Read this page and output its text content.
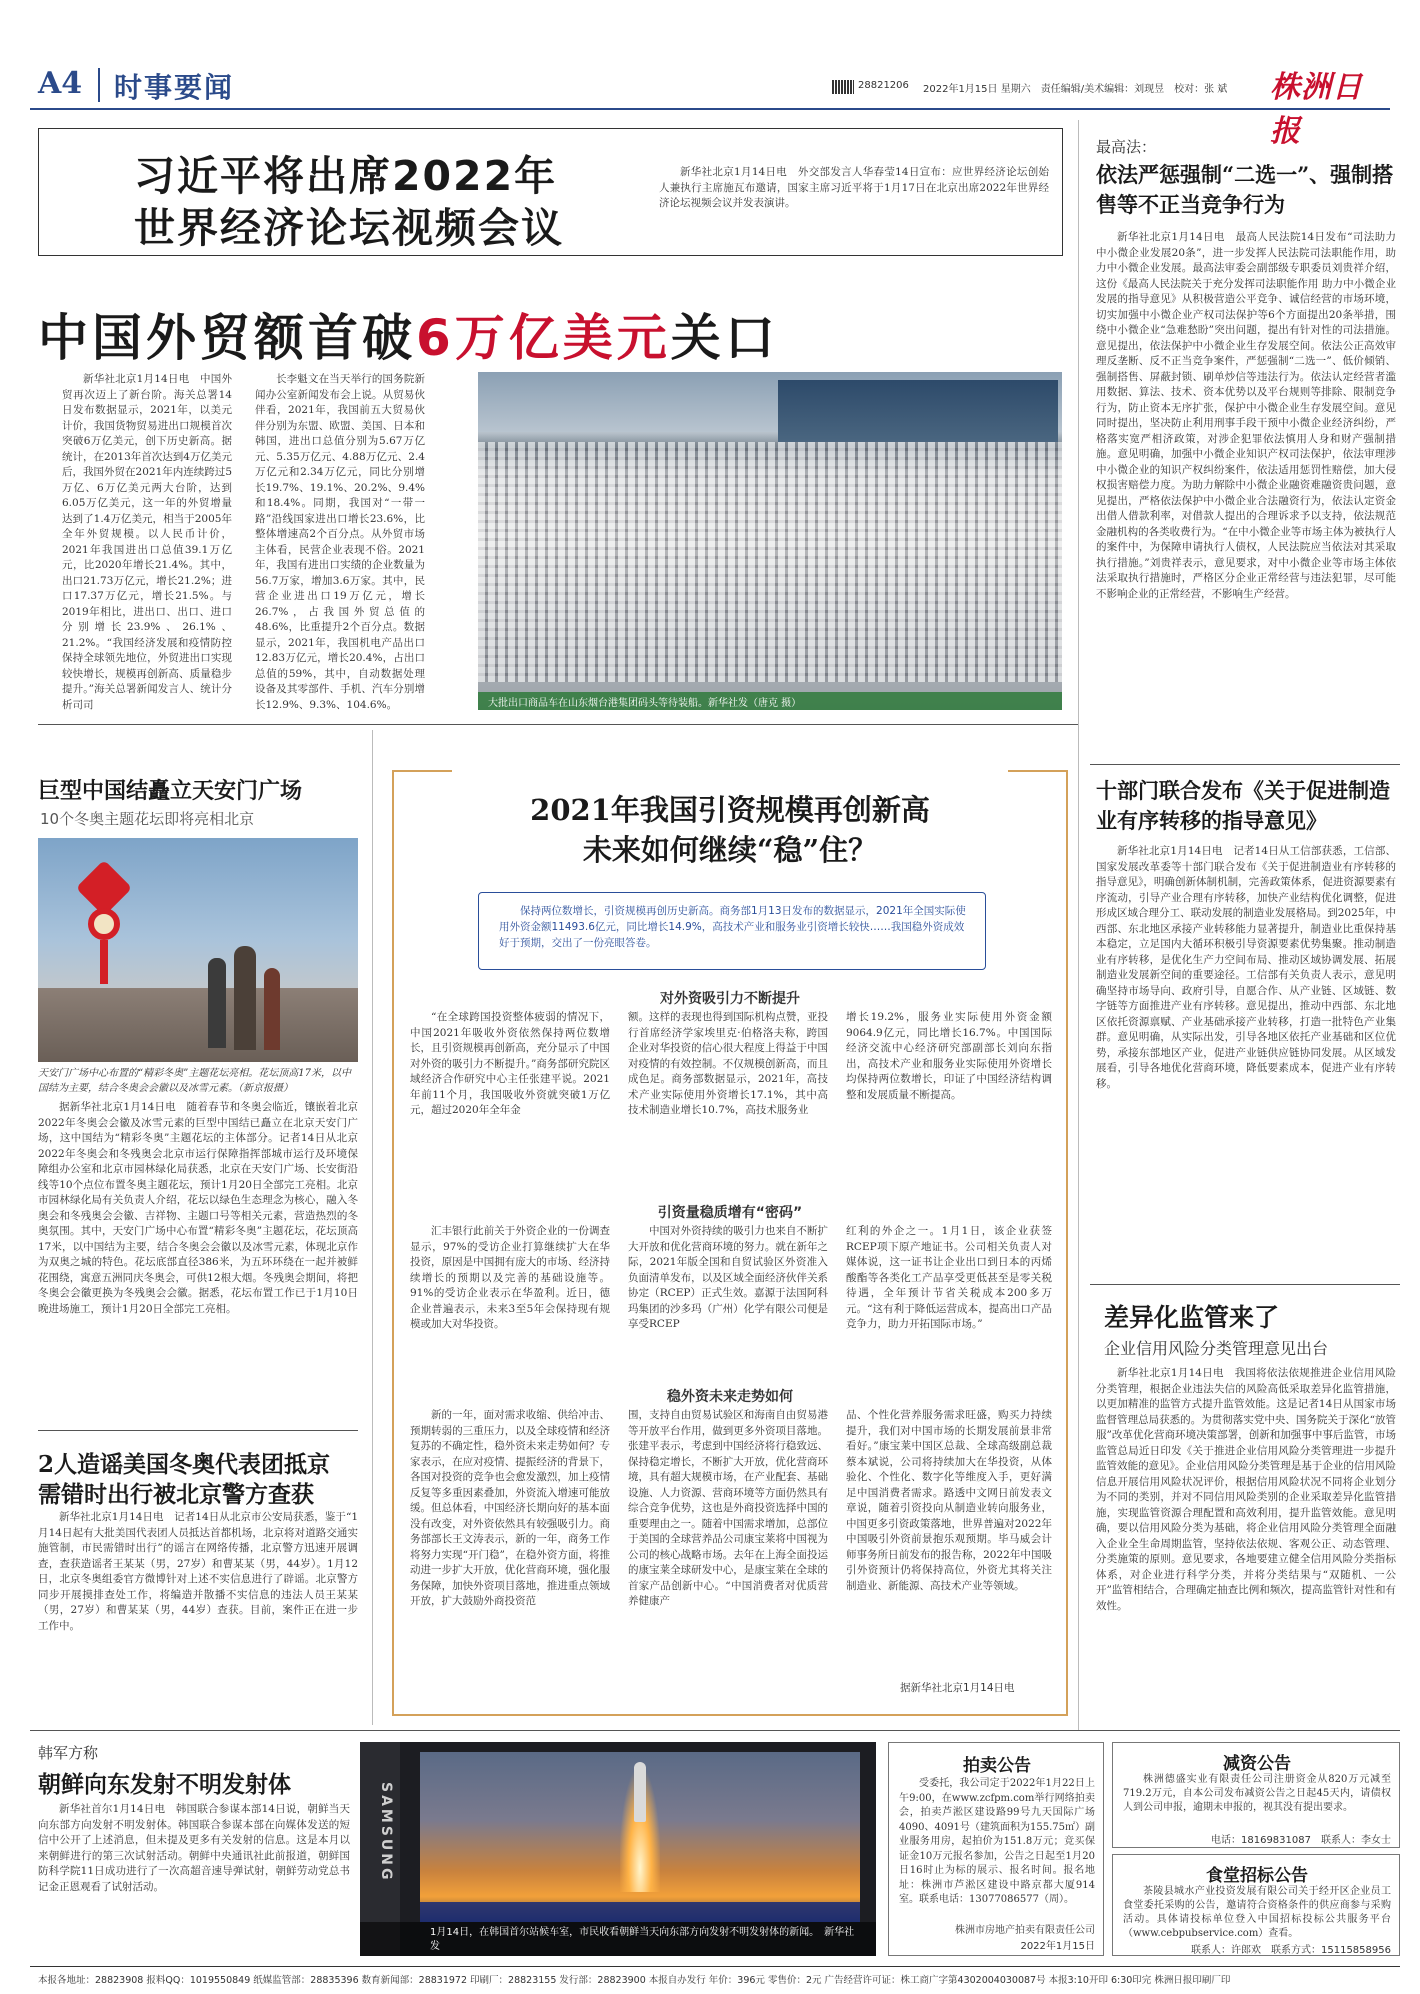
A4 时事要闻	28821206 2022年1月15日 星期六　责任编辑/美术编辑：刘现昱　校对：张 斌 株洲日报
习近平将出席2022年
世界经济论坛视频会议
新华社北京1月14日电　外交部发言人华春莹14日宣布：应世界经济论坛创始人兼执行主席施瓦布邀请，国家主席习近平将于1月17日在北京出席2022年世界经济论坛视频会议并发表演讲。
中国外贸额首破6万亿美元关口
新华社北京1月14日电　中国外贸再次迈上了新台阶。海关总署14日发布数据显示，2021年，以美元计价，我国货物贸易进出口规模首次突破6万亿美元，创下历史新高。据统计，在2013年首次达到4万亿美元后，我国外贸在2021年内连续跨过5万亿、6万亿美元两大台阶，达到6.05万亿美元，这一年的外贸增量达到了1.4万亿美元，相当于2005年全年外贸规模。以人民币计价，2021年我国进出口总值39.1万亿元，比2020年增长21.4%。其中，出口21.73万亿元，增长21.2%；进口17.37万亿元，增长21.5%。与2019年相比，进出口、出口、进口分别增长23.9%、26.1%、21.2%。“我国经济发展和疫情防控保持全球领先地位，外贸进出口实现较快增长，规模再创新高、质量稳步提升。”海关总署新闻发言人、统计分析司司
长李魁文在当天举行的国务院新闻办公室新闻发布会上说。从贸易伙伴看，2021年，我国前五大贸易伙伴分别为东盟、欧盟、美国、日本和韩国，进出口总值分别为5.67万亿元、5.35万亿元、4.88万亿元、2.4万亿元和2.34万亿元，同比分别增长19.7%、19.1%、20.2%、9.4%和18.4%。同期，我国对“一带一路”沿线国家进出口增长23.6%，比整体增速高2个百分点。从外贸市场主体看，民营企业表现不俗。2021年，我国有进出口实绩的企业数量为56.7万家，增加3.6万家。其中，民营企业进出口19万亿元，增长26.7%，占我国外贸总值的48.6%，比重提升2个百分点。数据显示，2021年，我国机电产品出口12.83万亿元，增长20.4%，占出口总值的59%，其中，自动数据处理设备及其零部件、手机、汽车分别增长12.9%、9.3%、104.6%。	大批出口商品车在山东烟台港集团码头等待装船。新华社发（唐克 摄）
最高法：
依法严惩强制“二选一”、强制搭售等不正当竞争行为
新华社北京1月14日电　最高人民法院14日发布“司法助力中小微企业发展20条”，进一步发挥人民法院司法职能作用，助力中小微企业发展。最高法审委会副部级专职委员刘贵祥介绍，这份《最高人民法院关于充分发挥司法职能作用 助力中小微企业发展的指导意见》从积极营造公平竞争、诚信经营的市场环境，切实加强中小微企业产权司法保护等6个方面提出20条举措，围绕中小微企业“急难愁盼”突出问题，提出有针对性的司法措施。意见提出，依法保护中小微企业生存发展空间。依法公正高效审理反垄断、反不正当竞争案件，严惩强制“二选一”、低价倾销、强制搭售、屏蔽封锁、刷单炒信等违法行为。依法认定经营者滥用数据、算法、技术、资本优势以及平台规则等排除、限制竞争行为，防止资本无序扩张，保护中小微企业生存发展空间。意见同时提出，坚决防止利用刑事手段干预中小微企业经济纠纷，严格落实宽严相济政策，对涉企犯罪依法慎用人身和财产强制措施。意见明确，加强中小微企业知识产权司法保护，依法审理涉中小微企业的知识产权纠纷案件，依法适用惩罚性赔偿，加大侵权损害赔偿力度。为助力解除中小微企业融资难融资贵问题，意见提出，严格依法保护中小微企业合法融资行为，依法认定资金出借人借款利率，对借款人提出的合理诉求予以支持，依法规范金融机构的各类收费行为。“在中小微企业等市场主体为被执行人的案件中，为保障申请执行人债权，人民法院应当依法对其采取执行措施。”刘贵祥表示，意见要求，对中小微企业等市场主体依法采取执行措施时，严格区分企业正常经营与违法犯罪，尽可能不影响企业的正常经营，不影响生产经营。
十部门联合发布《关于促进制造业有序转移的指导意见》
新华社北京1月14日电　记者14日从工信部获悉，工信部、国家发展改革委等十部门联合发布《关于促进制造业有序转移的指导意见》，明确创新体制机制，完善政策体系，促进资源要素有序流动，引导产业合理有序转移，加快产业结构优化调整，促进形成区域合理分工、联动发展的制造业发展格局。到2025年，中西部、东北地区承接产业转移能力显著提升，制造业比重保持基本稳定，立足国内大循环积极引导资源要素优势集聚。推动制造业有序转移，是优化生产力空间布局、推动区域协调发展、拓展制造业发展新空间的重要途径。工信部有关负责人表示，意见明确坚持市场导向、政府引导，自愿合作、从产业链、区域链、数字链等方面推进产业有序转移。意见提出，推动中西部、东北地区依托资源禀赋、产业基础承接产业转移，打造一批特色产业集群。意见明确，从实际出发，引导各地区依托产业基础和区位优势，承接东部地区产业，促进产业链供应链协同发展。从区域发展看，引导各地优化营商环境，降低要素成本，促进产业有序转移。
差异化监管来了
企业信用风险分类管理意见出台
新华社北京1月14日电　我国将依法依规推进企业信用风险分类管理，根据企业违法失信的风险高低采取差异化监管措施，以更加精准的监管方式提升监管效能。这是记者14日从国家市场监督管理总局获悉的。为贯彻落实党中央、国务院关于深化“放管服”改革优化营商环境决策部署，创新和加强事中事后监管，市场监管总局近日印发《关于推进企业信用风险分类管理进一步提升监管效能的意见》。企业信用风险分类管理是基于企业的信用风险信息开展信用风险状况评价，根据信用风险状况不同将企业划分为不同的类别，并对不同信用风险类别的企业采取差异化监管措施，实现监管资源合理配置和高效利用，提升监管效能。意见明确，要以信用风险分类为基础，将企业信用风险分类管理全面融入企业全生命周期监管，坚持依法依规、客观公正、动态管理、分类施策的原则。意见要求，各地要建立健全信用风险分类指标体系，对企业进行科学分类，并将分类结果与“双随机、一公开”监管相结合，合理确定抽查比例和频次，提高监管针对性和有效性。
巨型中国结矗立天安门广场
10个冬奥主题花坛即将亮相北京
天安门广场中心布置的“精彩冬奥”主题花坛亮相。花坛顶高17米，以中国结为主要，结合冬奥会会徽以及冰雪元素。（新京报摄）
据新华社北京1月14日电　随着春节和冬奥会临近，镶嵌着北京2022年冬奥会会徽及冰雪元素的巨型中国结已矗立在北京天安门广场，这中国结为“精彩冬奥”主题花坛的主体部分。记者14日从北京2022年冬奥会和冬残奥会北京市运行保障指挥部城市运行及环境保障组办公室和北京市园林绿化局获悉，北京在天安门广场、长安街沿线等10个点位布置冬奥主题花坛，预计1月20日全部完工亮相。北京市园林绿化局有关负责人介绍，花坛以绿色生态理念为核心，融入冬奥会和冬残奥会会徽、吉祥物、主题口号等相关元素，营造热烈的冬奥氛围。其中，天安门广场中心布置“精彩冬奥”主题花坛，花坛顶高17米，以中国结为主要，结合冬奥会会徽以及冰雪元素，体现北京作为双奥之城的特色。花坛底部直径386米，为五环环绕在一起并被鲜花围绕，寓意五洲同庆冬奥会，可供12根大烟。冬残奥会期间，将把冬奥会会徽更换为冬残奥会会徽。据悉，花坛布置工作已于1月10日晚进场施工，预计1月20日全部完工亮相。
2人造谣美国冬奥代表团抵京
需错时出行被北京警方查获
新华社北京1月14日电　记者14日从北京市公安局获悉，鉴于“1月14日起有大批美国代表团人员抵达首都机场，北京将对道路交通实施管制，市民需错时出行”的谣言在网络传播，北京警方迅速开展调查，查获造谣者王某某（男，27岁）和曹某某（男，44岁）。1月12日，北京冬奥组委官方微博针对上述不实信息进行了辟谣。北京警方同步开展摸排查处工作，将编造并散播不实信息的违法人员王某某（男，27岁）和曹某某（男，44岁）查获。目前，案件正在进一步工作中。
2021年我国引资规模再创新高
未来如何继续“稳”住？
保持两位数增长，引资规模再创历史新高。商务部1月13日发布的数据显示，2021年全国实际使用外资金额11493.6亿元，同比增长14.9%，高技术产业和服务业引资增长较快……我国稳外资成效好于预期，交出了一份亮眼答卷。
对外资吸引力不断提升
“在全球跨国投资整体疲弱的情况下，中国2021年吸收外资依然保持两位数增长，且引资规模再创新高，充分显示了中国对外资的吸引力不断提升。”商务部研究院区域经济合作研究中心主任张建平说。2021年前11个月，我国吸收外资就突破1万亿元，超过2020年全年金
额。这样的表现也得到国际机构点赞，亚投行首席经济学家埃里克·伯格洛夫称，跨国企业对华投资的信心很大程度上得益于中国对疫情的有效控制。不仅规模创新高，而且成色足。商务部数据显示，2021年，高技术产业实际使用外资增长17.1%，其中高技术制造业增长10.7%，高技术服务业
增长19.2%，服务业实际使用外资金额9064.9亿元，同比增长16.7%。中国国际经济交流中心经济研究部副部长刘向东指出，高技术产业和服务业实际使用外资增长均保持两位数增长，印证了中国经济结构调整和发展质量不断提高。
引资量稳质增有“密码”
汇丰银行此前关于外资企业的一份调查显示，97%的受访企业打算继续扩大在华投资，原因是中国拥有庞大的市场、经济持续增长的预期以及完善的基础设施等。91%的受访企业表示在华盈利。近日，德企业普遍表示，未来3至5年会保持现有规模或加大对华投资。
中国对外资持续的吸引力也来自不断扩大开放和优化营商环境的努力。就在新年之际，2021年版全国和自贸试验区外资准入负面清单发布，以及区域全面经济伙伴关系协定（RCEP）正式生效。嘉源于法国阿科玛集团的沙多玛（广州）化学有限公司便是享受RCEP
红利的外企之一。1月1日，该企业获签RCEP项下原产地证书。公司相关负责人对媒体说，这一证书让企业出口到日本的丙烯酸酯等各类化工产品享受更低甚至是零关税待遇，全年预计节省关税成本200多万元。“这有利于降低运营成本，提高出口产品竞争力，助力开拓国际市场。”
稳外资未来走势如何
新的一年，面对需求收缩、供给冲击、预期转弱的三重压力，以及全球疫情和经济复苏的不确定性，稳外资未来走势如何？专家表示，在应对疫情、提振经济的背景下，各国对投资的竞争也会愈发激烈，加上疫情反复等多重因素叠加，外资流入增速可能放缓。但总体看，中国经济长期向好的基本面没有改变，对外资依然具有较强吸引力。商务部部长王文涛表示，新的一年，商务工作将努力实现“开门稳”，在稳外资方面，将推动进一步扩大开放，优化营商环境，强化服务保障，加快外资项目落地，推进重点领域开放，扩大鼓励外商投资范
围，支持自由贸易试验区和海南自由贸易港等开放平台作用，做到更多外资项目落地。张建平表示，考虑到中国经济将行稳致远、保持稳定增长，不断扩大开放，优化营商环境，具有超大规模市场，在产业配套、基础设施、人力资源、营商环境等方面仍然具有综合竞争优势，这也是外商投资选择中国的重要理由之一。随着中国需求增加，总部位于美国的全球营养品公司康宝莱将中国视为公司的核心战略市场。去年在上海全面投运的康宝莱全球研发中心，是康宝莱在全球的首家产品创新中心。“中国消费者对优质营养健康产
品、个性化营养服务需求旺盛，购买力持续提升，我们对中国市场的长期发展前景非常看好。”康宝莱中国区总裁、全球高级副总裁蔡本斌说，公司将持续加大在华投资，从体验化、个性化、数字化等维度入手，更好满足中国消费者需求。路透中文网日前发表文章说，随着引资投向从制造业转向服务业，中国更多引资政策落地，世界普遍对2022年中国吸引外资前景抱乐观预期。毕马威会计师事务所日前发布的报告称，2022年中国吸引外资预计仍将保持高位，外资尤其将关注制造业、新能源、高技术产业等领域。
据新华社北京1月14日电
韩军方称
朝鲜向东发射不明发射体
新华社首尔1月14日电　韩国联合参谋本部14日说，朝鲜当天向东部方向发射不明发射体。韩国联合参谋本部在向媒体发送的短信中公开了上述消息，但未提及更多有关发射的信息。这是本月以来朝鲜进行的第三次试射活动。朝鲜中央通讯社此前报道，朝鲜国防科学院11日成功进行了一次高超音速导弹试射，朝鲜劳动党总书记金正恩观看了试射活动。
SAMSUNG
1月14日，在韩国首尔站候车室，市民收看朝鲜当天向东部方向发射不明发射体的新闻。　新华社发
拍卖公告
受委托，我公司定于2022年1月22日上午9:00，在www.zcfpm.com举行网络拍卖会，拍卖芦淞区建设路99号九天国际广场4090、4091号（建筑面积为155.75㎡）副业服务用房，起拍价为151.8万元；竞买保证金10万元报名参加，公告之日起至1月20日16时止为标的展示、报名时间。报名地址：株洲市芦淞区建设中路京都大厦914室。联系电话：13077086577（周）。
株洲市房地产拍卖有限责任公司
2022年1月15日
减资公告
株洲德盛实业有限责任公司注册资金从820万元减至719.2万元，自本公司发布减资公告之日起45天内，请债权人到公司申报，逾期未申报的，视其没有提出要求。
电话：18169831087　联系人：李女士
食堂招标公告
茶陵县城水产业投资发展有限公司关于经开区企业员工食堂委托采购的公告，邀请符合资格条件的供应商参与采购活动。具体请投标单位登入中国招标投标公共服务平台（www.cebpubservice.com）查看。
联系人：许郎欢　联系方式：15115858956
本报各地址：28823908 报料QQ：1019550849 纸媒监管部：28835396 数育新闻部：28831972 印刷厂：28823155 发行部：28823900 本报自办发行 年价：396元 零售价：2元 广告经营许可证：株工商广字第4302004030087号 本报3:10开印 6:30印完 株洲日报印刷厂印
